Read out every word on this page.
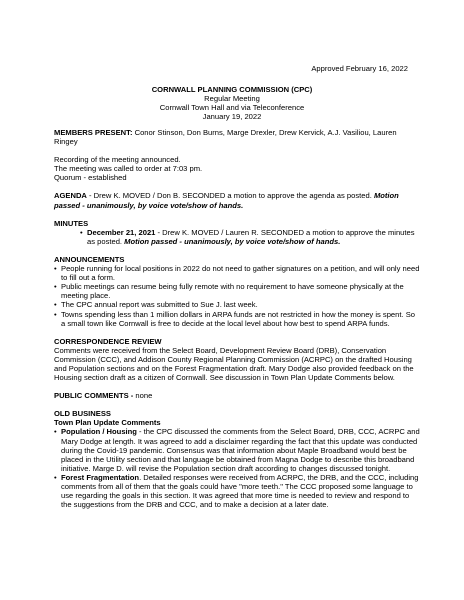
Approved February 16, 2022
CORNWALL PLANNING COMMISSION (CPC)
Regular Meeting
Cornwall Town Hall and via Teleconference
January 19, 2022

MEMBERS PRESENT: Conor Stinson, Don Burns, Marge Drexler, Drew Kervick, A.J. Vasiliou, Lauren Ringey

Recording of the meeting announced.
The meeting was called to order at 7:03 pm.
Quorum - established

AGENDA - Drew K. MOVED / Don B. SECONDED a motion to approve the agenda as posted. Motion passed - unanimously, by voice vote/show of hands.

MINUTES
• December 21, 2021 - Drew K. MOVED / Lauren R. SECONDED a motion to approve the minutes as posted. Motion passed - unanimously, by voice vote/show of hands.
ANNOUNCEMENTS
• People running for local positions in 2022 do not need to gather signatures on a petition, and will only need to fill out a form.
• Public meetings can resume being fully remote with no requirement to have someone physically at the meeting place.
• The CPC annual report was submitted to Sue J. last week.
• Towns spending less than 1 million dollars in ARPA funds are not restricted in how the money is spent. So a small town like Cornwall is free to decide at the local level about how best to spend ARPA funds.
CORRESPONDENCE REVIEW

Comments were received from the Select Board, Development Review Board (DRB), Conservation Commission (CCC), and Addison County Regional Planning Commission (ACRPC) on the drafted Housing and Population sections and on the Forest Fragmentation draft. Mary Dodge also provided feedback on the Housing section draft as a citizen of Cornwall. See discussion in Town Plan Update Comments below.

PUBLIC COMMENTS - none

OLD BUSINESS
Town Plan Update Comments
• Population / Housing - the CPC discussed the comments from the Select Board, DRB, CCC, ACRPC and Mary Dodge at length. It was agreed to add a disclaimer regarding the fact that this update was conducted during the Covid-19 pandemic. Consensus was that information about Maple Broadband would best be placed in the Utility section and that language be obtained from Magna Dodge to describe this broadband initiative. Marge D. will revise the Population section draft according to changes discussed tonight.
• Forest Fragmentation. Detailed responses were received from ACRPC, the DRB, and the CCC, including comments from all of them that the goals could have "more teeth." The CCC proposed some language to use regarding the goals in this section. It was agreed that more time is needed to review and respond to the suggestions from the DRB and CCC, and to make a decision at a later date.
